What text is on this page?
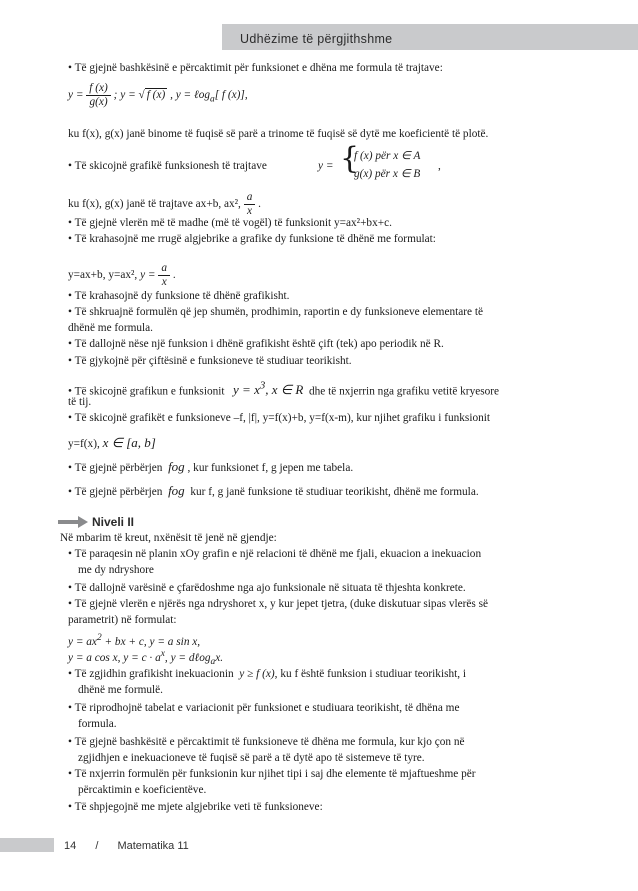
Udhëzime të përgjithshme
• Të gjejnë bashkësinë e përcaktimit për funksionet e dhëna me formula të trajtave:
$y = \frac{f (x)}{g(x)}$ ; y = √ f (x) , y = ℓog$_a$[ f (x)],
ku f(x), g(x) janë binome të fuqisë së parë a trinome të fuqisë së dytë me koeficientë të plotë.
• Të skicojnë grafikë funksionesh të trajtave	y = {
f (x) për x ∈ A
g(x) për x ∈ B
,
ku f(x), g(x) janë të trajtave ax+b, ax², $\frac{a}{x}$ .
• Të gjejnë vlerën më të madhe (më të vogël) të funksionit y=ax²+bx+c.
• Të krahasojnë me rrugë algjebrike a grafike dy funksione të dhënë me formulat:
y=ax+b, y=ax², $y = \frac{a}{x}$ .
• Të krahasojnë dy funksione të dhënë grafikisht.
• Të shkruajnë formulën që jep shumën, prodhimin, raportin e dy funksioneve elementare të
dhënë me formula.
• Të dallojnë nëse një funksion i dhënë grafikisht është çift (tek) apo periodik në R.
• Të gjykojnë për çiftësinë e funksioneve të studiuar teorikisht.
• Të skicojnë grafikun e funksionit $y = x^3$, x ∈ R dhe të nxjerrin nga grafiku vetitë kryesore
të tij.
• Të skicojnë grafikët e funksioneve –f, |f|, y=f(x)+b, y=f(x-m), kur njihet grafiku i funksionit
y=f(x), x ∈ [a, b]
• Të gjejnë përbërjen fog , kur funksionet f, g jepen me tabela.
• Të gjejnë përbërjen fog kur f, g janë funksione të studiuar teorikisht, dhënë me formula.
Niveli II
Në mbarim të kreut, nxënësit të jenë në gjendje:
• Të paraqesin në planin xOy grafin e një relacioni të dhënë me fjali, ekuacion a inekuacion
me dy ndryshore
• Të dallojnë varësinë e çfarëdoshme nga ajo funksionale në situata të thjeshta konkrete.
• Të gjejnë vlerën e njërës nga ndryshoret x, y kur jepet tjetra, (duke diskutuar sipas vlerës së
parametrit) në formulat:
$y = ax^2$ + bx + c, y = a sin x,
y = a cos x, $y = c \cdot a^x$, y = dℓog$_a$x.
• Të zgjidhin grafikisht inekuacionin y ≥ f (x), ku f është funksion i studiuar teorikisht, i
dhënë me formulë.
• Të riprodhojnë tabelat e variacionit për funksionet e studiuara teorikisht, të dhëna me
formula.
• Të gjejnë bashkësitë e përcaktimit të funksioneve të dhëna me formula, kur kjo çon në
zgjidhjen e inekuacioneve të fuqisë së parë a të dytë apo të sistemeve të tyre.
• Të nxjerrin formulën për funksionin kur njihet tipi i saj dhe elemente të mjaftueshme për
përcaktimin e koeficientëve.
• Të shpjegojnë me mjete algjebrike veti të funksioneve:
14 / Matematika 11
